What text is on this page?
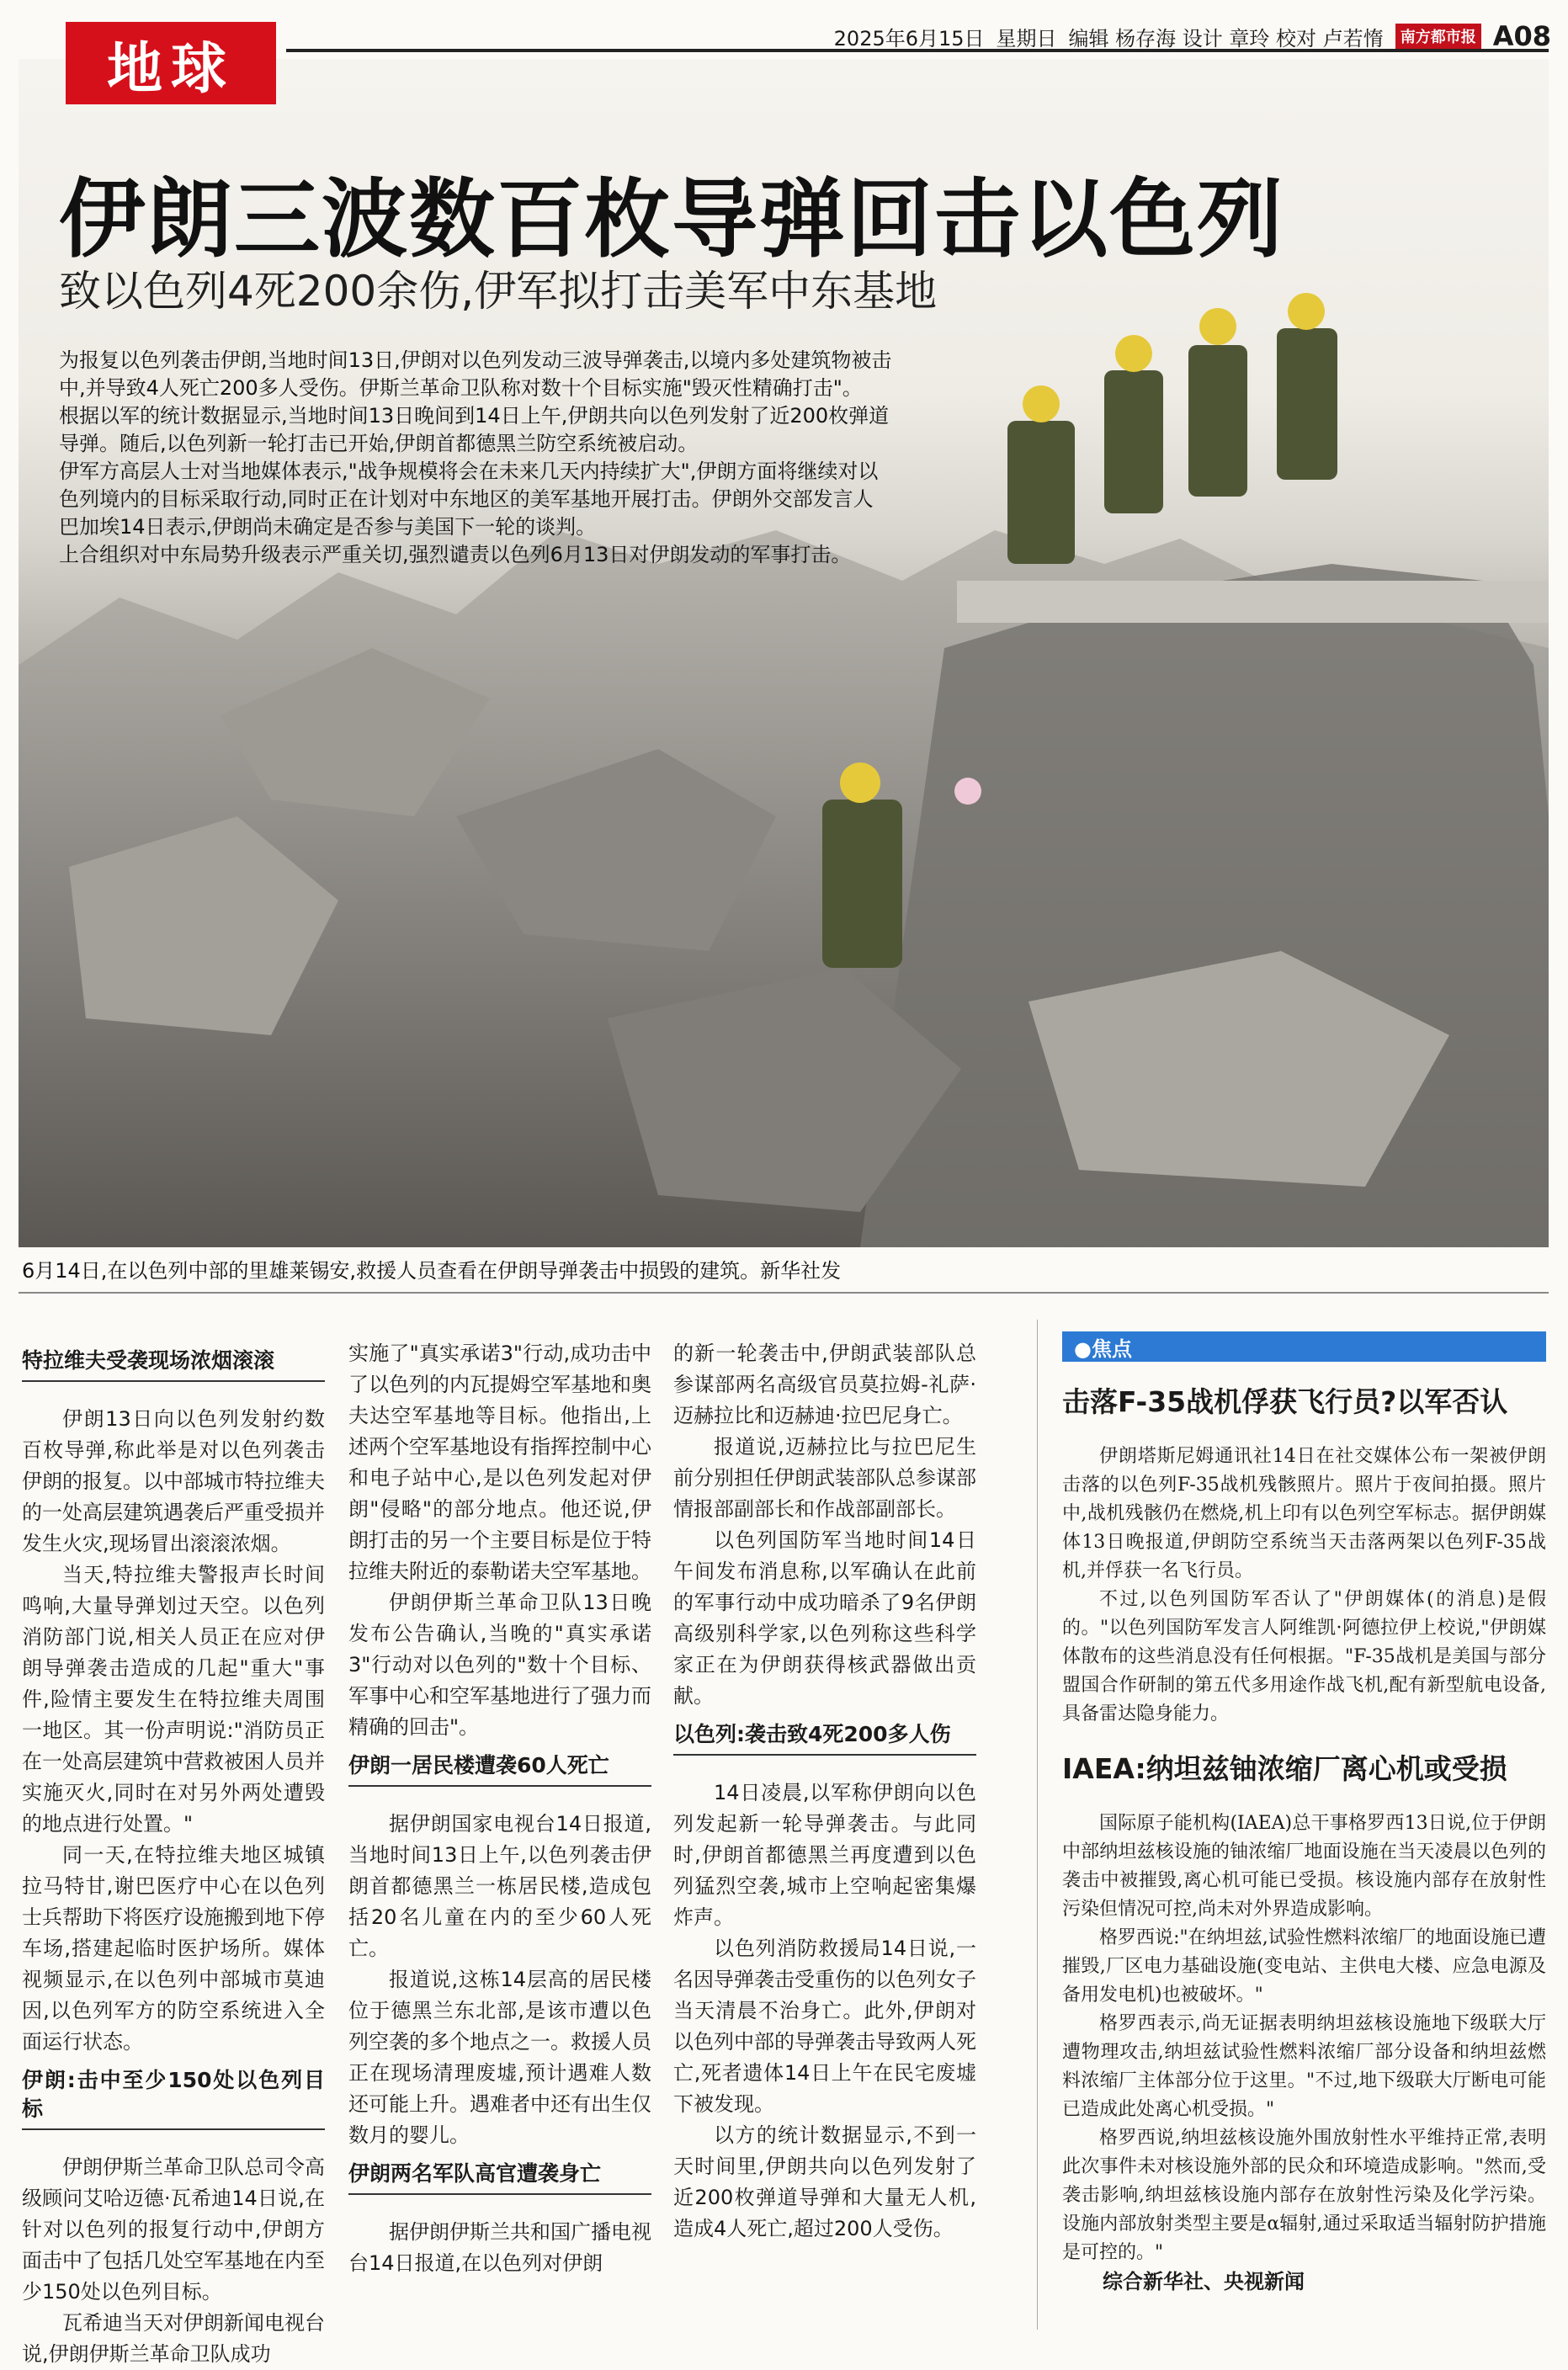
地球	2025年6月15日 星期日 编辑 杨存海 设计 章玲 校对 卢若惰	南方都市报 A08
伊朗三波数百枚导弹回击以色列
致以色列4死200余伤,伊军拟打击美军中东基地

为报复以色列袭击伊朗,当地时间13日,伊朗对以色列发动三波导弹袭击,以境内多处建筑物被击中,并导致4人死亡200多人受伤。伊斯兰革命卫队称对数十个目标实施"毁灭性精确打击"。

根据以军的统计数据显示,当地时间13日晚间到14日上午,伊朗共向以色列发射了近200枚弹道导弹。随后,以色列新一轮打击已开始,伊朗首都德黑兰防空系统被启动。

伊军方高层人士对当地媒体表示,"战争规模将会在未来几天内持续扩大",伊朗方面将继续对以色列境内的目标采取行动,同时正在计划对中东地区的美军基地开展打击。伊朗外交部发言人巴加埃14日表示,伊朗尚未确定是否参与美国下一轮的谈判。

上合组织对中东局势升级表示严重关切,强烈谴责以色列6月13日对伊朗发动的军事打击。

6月14日,在以色列中部的里雄莱锡安,救援人员查看在伊朗导弹袭击中损毁的建筑。新华社发
特拉维夫受袭现场浓烟滚滚

伊朗13日向以色列发射约数百枚导弹,称此举是对以色列袭击伊朗的报复。以中部城市特拉维夫的一处高层建筑遇袭后严重受损并发生火灾,现场冒出滚滚浓烟。

当天,特拉维夫警报声长时间鸣响,大量导弹划过天空。以色列消防部门说,相关人员正在应对伊朗导弹袭击造成的几起"重大"事件,险情主要发生在特拉维夫周围一地区。其一份声明说:"消防员正在一处高层建筑中营救被困人员并实施灭火,同时在对另外两处遭毁的地点进行处置。"

同一天,在特拉维夫地区城镇拉马特甘,谢巴医疗中心在以色列士兵帮助下将医疗设施搬到地下停车场,搭建起临时医护场所。媒体视频显示,在以色列中部城市莫迪因,以色列军方的防空系统进入全面运行状态。

伊朗:击中至少150处以色列目标

伊朗伊斯兰革命卫队总司令高级顾问艾哈迈德·瓦希迪14日说,在针对以色列的报复行动中,伊朗方面击中了包括几处空军基地在内至少150处以色列目标。

瓦希迪当天对伊朗新闻电视台说,伊朗伊斯兰革命卫队成功

实施了"真实承诺3"行动,成功击中了以色列的内瓦提姆空军基地和奥夫达空军基地等目标。他指出,上述两个空军基地设有指挥控制中心和电子站中心,是以色列发起对伊朗"侵略"的部分地点。他还说,伊朗打击的另一个主要目标是位于特拉维夫附近的泰勒诺夫空军基地。

伊朗伊斯兰革命卫队13日晚发布公告确认,当晚的"真实承诺3"行动对以色列的"数十个目标、军事中心和空军基地进行了强力而精确的回击"。

伊朗一居民楼遭袭60人死亡

据伊朗国家电视台14日报道,当地时间13日上午,以色列袭击伊朗首都德黑兰一栋居民楼,造成包括20名儿童在内的至少60人死亡。

报道说,这栋14层高的居民楼位于德黑兰东北部,是该市遭以色列空袭的多个地点之一。救援人员正在现场清理废墟,预计遇难人数还可能上升。遇难者中还有出生仅数月的婴儿。

伊朗两名军队高官遭袭身亡

据伊朗伊斯兰共和国广播电视台14日报道,在以色列对伊朗

的新一轮袭击中,伊朗武装部队总参谋部两名高级官员莫拉姆-礼萨·迈赫拉比和迈赫迪·拉巴尼身亡。

报道说,迈赫拉比与拉巴尼生前分别担任伊朗武装部队总参谋部情报部副部长和作战部副部长。

以色列国防军当地时间14日午间发布消息称,以军确认在此前的军事行动中成功暗杀了9名伊朗高级别科学家,以色列称这些科学家正在为伊朗获得核武器做出贡献。

以色列:袭击致4死200多人伤

14日凌晨,以军称伊朗向以色列发起新一轮导弹袭击。与此同时,伊朗首都德黑兰再度遭到以色列猛烈空袭,城市上空响起密集爆炸声。

以色列消防救援局14日说,一名因导弹袭击受重伤的以色列女子当天清晨不治身亡。此外,伊朗对以色列中部的导弹袭击导致两人死亡,死者遗体14日上午在民宅废墟下被发现。

以方的统计数据显示,不到一天时间里,伊朗共向以色列发射了近200枚弹道导弹和大量无人机,造成4人死亡,超过200人受伤。

●焦点
击落F-35战机俘获飞行员?以军否认

伊朗塔斯尼姆通讯社14日在社交媒体公布一架被伊朗击落的以色列F-35战机残骸照片。照片于夜间拍摄。照片中,战机残骸仍在燃烧,机上印有以色列空军标志。据伊朗媒体13日晚报道,伊朗防空系统当天击落两架以色列F-35战机,并俘获一名飞行员。

不过,以色列国防军否认了"伊朗媒体(的消息)是假的。"以色列国防军发言人阿维凯·阿德拉伊上校说,"伊朗媒体散布的这些消息没有任何根据。"F-35战机是美国与部分盟国合作研制的第五代多用途作战飞机,配有新型航电设备,具备雷达隐身能力。

IAEA:纳坦兹铀浓缩厂离心机或受损

国际原子能机构(IAEA)总干事格罗西13日说,位于伊朗中部纳坦兹核设施的铀浓缩厂地面设施在当天凌晨以色列的袭击中被摧毁,离心机可能已受损。核设施内部存在放射性污染但情况可控,尚未对外界造成影响。

格罗西说:"在纳坦兹,试验性燃料浓缩厂的地面设施已遭摧毁,厂区电力基础设施(变电站、主供电大楼、应急电源及备用发电机)也被破坏。"

格罗西表示,尚无证据表明纳坦兹核设施地下级联大厅遭物理攻击,纳坦兹试验性燃料浓缩厂部分设备和纳坦兹燃料浓缩厂主体部分位于这里。"不过,地下级联大厅断电可能已造成此处离心机受损。"

格罗西说,纳坦兹核设施外围放射性水平维持正常,表明此次事件未对核设施外部的民众和环境造成影响。"然而,受袭击影响,纳坦兹核设施内部存在放射性污染及化学污染。设施内部放射类型主要是α辐射,通过采取适当辐射防护措施是可控的。"

综合新华社、央视新闻
